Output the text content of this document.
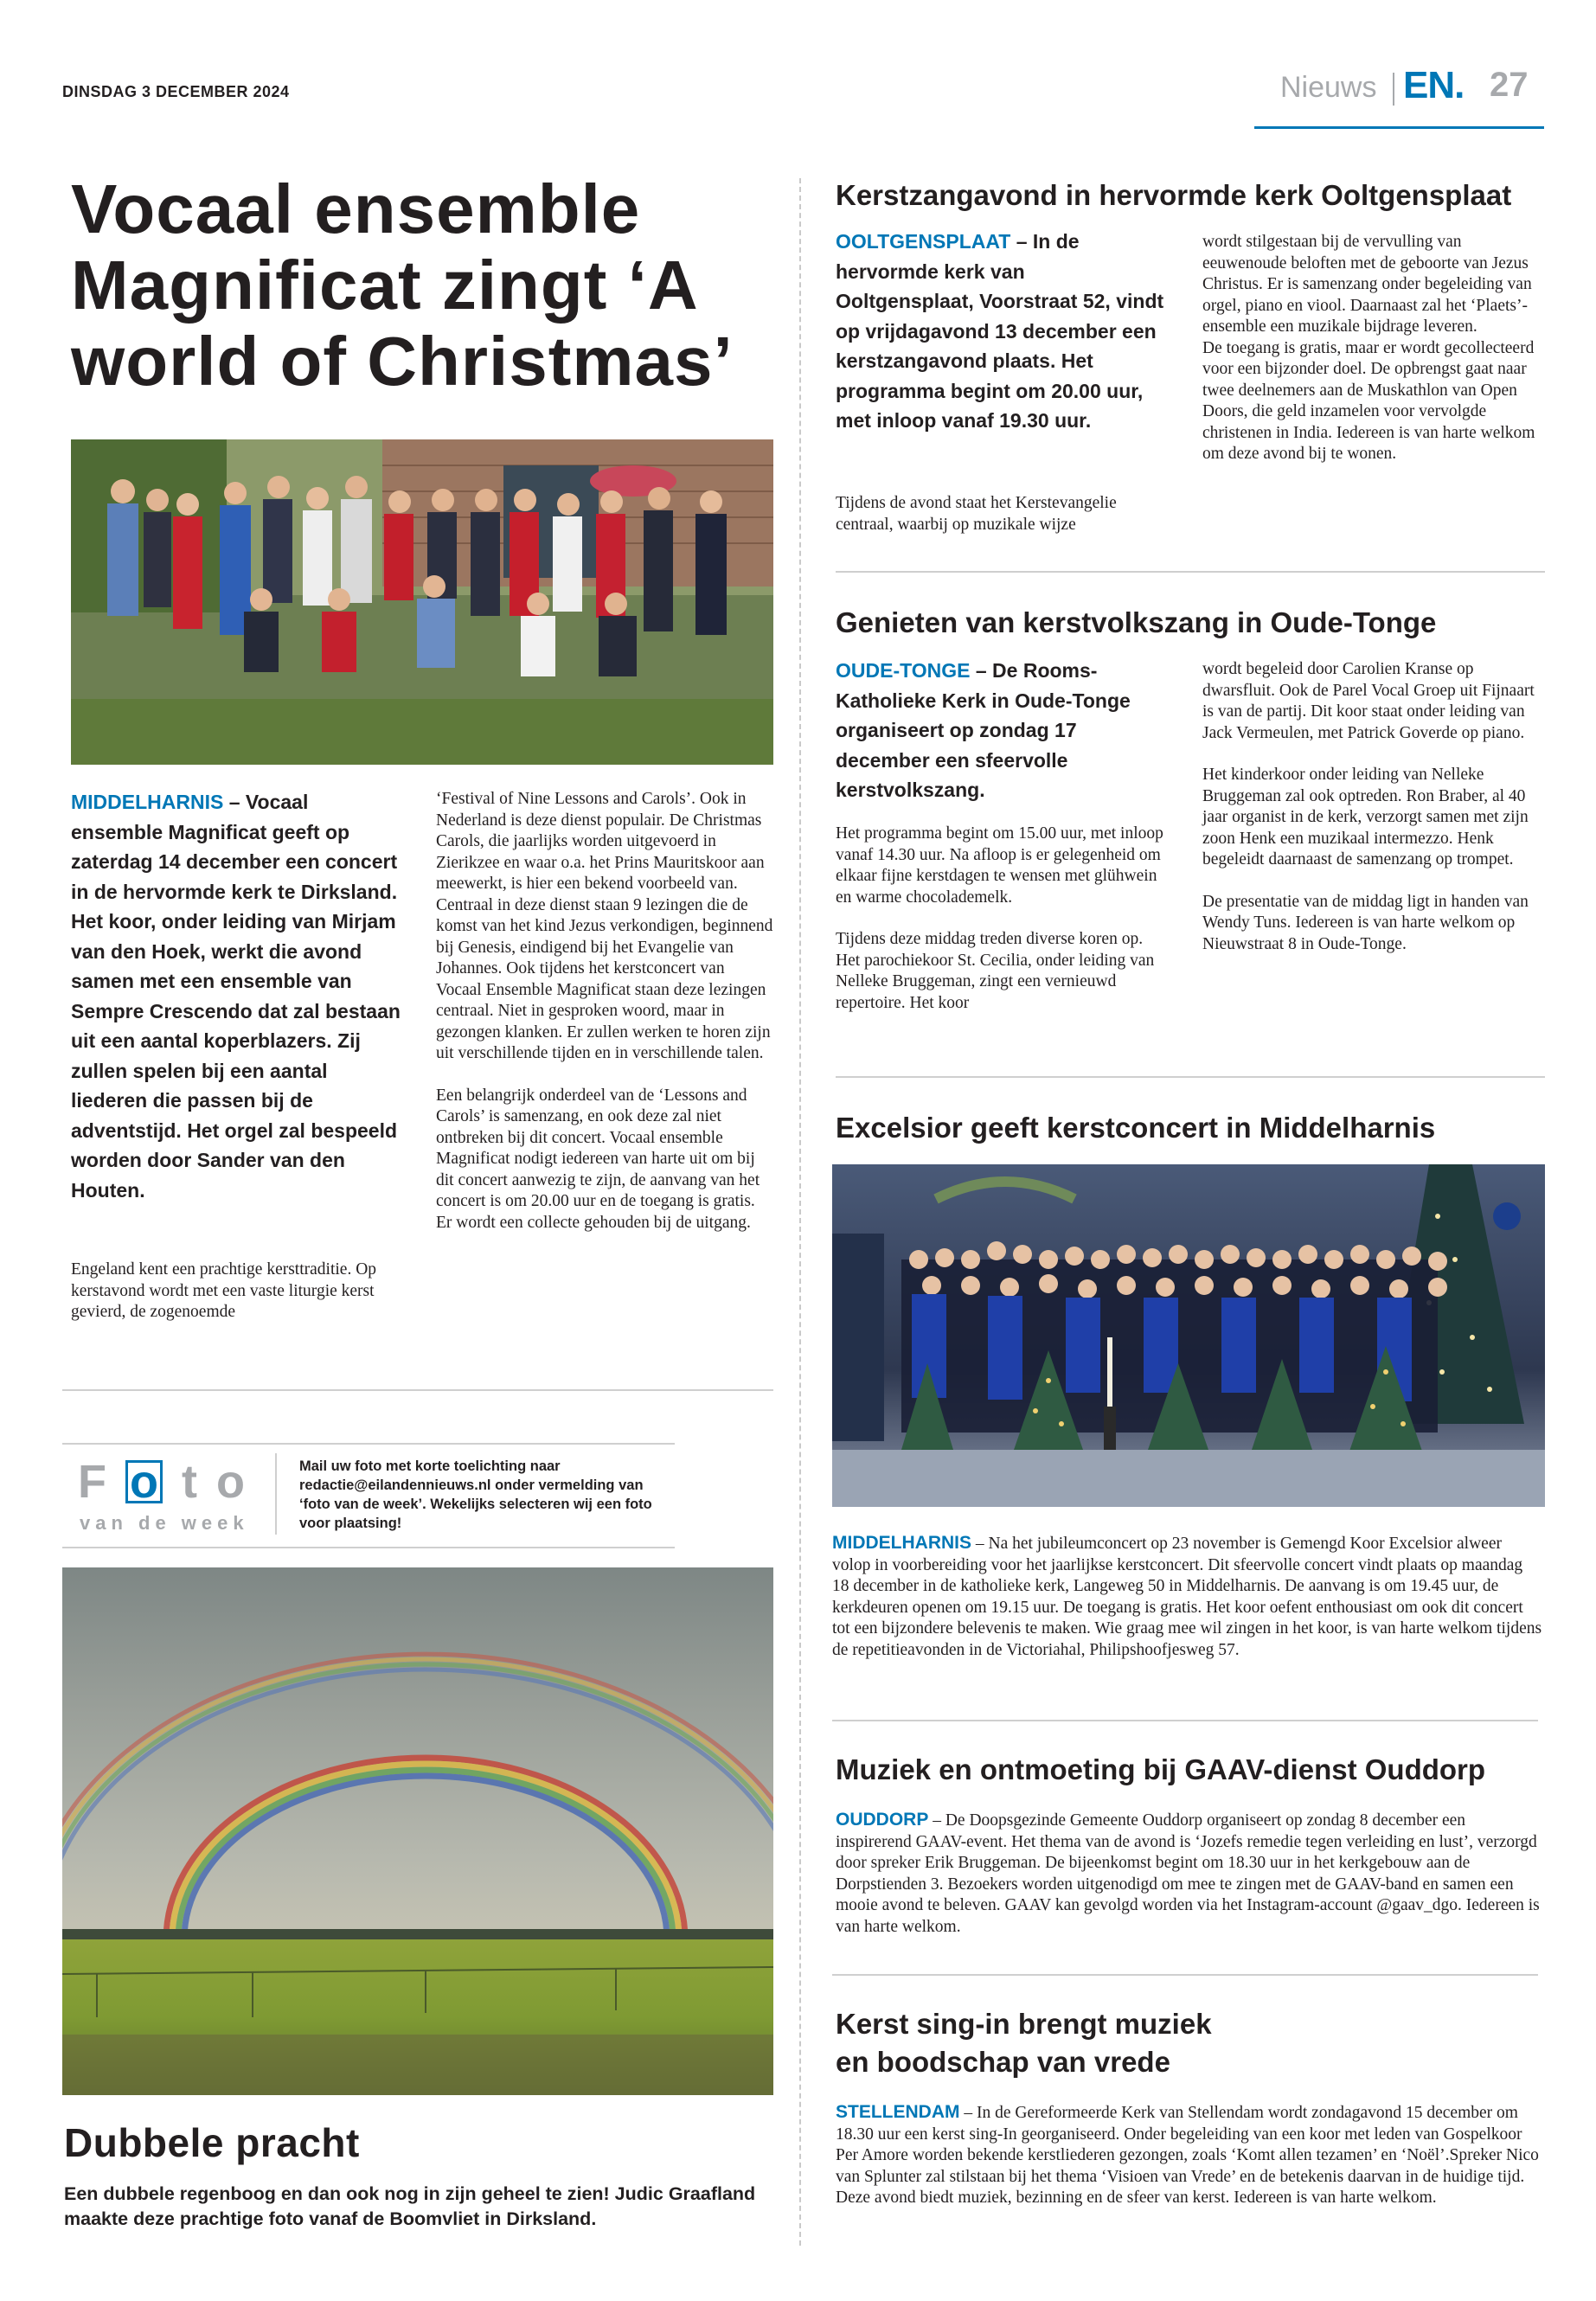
DINSDAG 3 DECEMBER 2024	Nieuws EN. 27
Vocaal ensemble
Magnificat zingt ‘A
world of Christmas’
MIDDELHARNIS – Vocaal ensemble Magnificat geeft op zaterdag 14 december een concert in de hervormde kerk te Dirksland. Het koor, onder leiding van Mirjam van den Hoek, werkt die avond samen met een ensemble van Sempre Crescendo dat zal bestaan uit een aantal koperblazers. Zij zullen spelen bij een aantal liederen die passen bij de adventstijd. Het orgel zal bespeeld worden door Sander van den Houten.

Engeland kent een prachtige kersttraditie. Op kerstavond wordt met een vaste liturgie kerst gevierd, de zogenoemde

‘Festival of Nine Lessons and Carols’. Ook in Nederland is deze dienst populair. De Christmas Carols, die jaarlijks worden uitgevoerd in Zierikzee en waar o.a. het Prins Mauritskoor aan meewerkt, is hier een bekend voorbeeld van. Centraal in deze dienst staan 9 lezingen die de komst van het kind Jezus verkondigen, beginnend bij Genesis, eindigend bij het Evangelie van Johannes. Ook tijdens het kerstconcert van Vocaal Ensemble Magnificat staan deze lezingen centraal. Niet in gesproken woord, maar in gezongen klanken. Er zullen werken te horen zijn uit verschillende tijden en in verschillende talen.

Een belangrijk onderdeel van de ‘Lessons and Carols’ is samenzang, en ook deze zal niet ontbreken bij dit concert. Vocaal ensemble Magnificat nodigt iedereen van harte uit om bij dit concert aanwezig te zijn, de aanvang van het concert is om 20.00 uur en de toegang is gratis. Er wordt een collecte gehouden bij de uitgang.

Fo to
van de week
Mail uw foto met korte toelichting naar redactie@eilandennieuws.nl onder vermelding van ‘foto van de week’. Wekelijks selecteren wij een foto voor plaatsing!
Dubbele pracht
Een dubbele regenboog en dan ook nog in zijn geheel te zien! Judic Graafland maakte deze prachtige foto vanaf de Boomvliet in Dirksland.
Kerstzangavond in hervormde kerk Ooltgensplaat
OOLTGENSPLAAT – In de hervormde kerk van Ooltgensplaat, Voorstraat 52, vindt op vrijdagavond 13 december een kerstzangavond plaats. Het programma begint om 20.00 uur, met inloop vanaf 19.30 uur.

Tijdens de avond staat het Kerstevangelie centraal, waarbij op muzikale wijze

wordt stilgestaan bij de vervulling van eeuwenoude beloften met de geboorte van Jezus Christus. Er is samenzang onder begeleiding van orgel, piano en viool. Daarnaast zal het ‘Plaets’-ensemble een muzikale bijdrage leveren.

De toegang is gratis, maar er wordt gecollecteerd voor een bijzonder doel. De opbrengst gaat naar twee deelnemers aan de Muskathlon van Open Doors, die geld inzamelen voor vervolgde christenen in India. Iedereen is van harte welkom om deze avond bij te wonen.

Genieten van kerstvolkszang in Oude-Tonge
OUDE-TONGE – De Rooms-Katholieke Kerk in Oude-Tonge organiseert op zondag 17 december een sfeervolle kerstvolkszang.

Het programma begint om 15.00 uur, met inloop vanaf 14.30 uur. Na afloop is er gelegenheid om elkaar fijne kerstdagen te wensen met glühwein en warme chocolademelk.

Tijdens deze middag treden diverse koren op. Het parochiekoor St. Cecilia, onder leiding van Nelleke Bruggeman, zingt een vernieuwd repertoire. Het koor

wordt begeleid door Carolien Kranse op dwarsfluit. Ook de Parel Vocal Groep uit Fijnaart is van de partij. Dit koor staat onder leiding van Jack Vermeulen, met Patrick Goverde op piano.

Het kinderkoor onder leiding van Nelleke Bruggeman zal ook optreden. Ron Braber, al 40 jaar organist in de kerk, verzorgt samen met zijn zoon Henk een muzikaal intermezzo. Henk begeleidt daarnaast de samenzang op trompet.

De presentatie van de middag ligt in handen van Wendy Tuns. Iedereen is van harte welkom op Nieuwstraat 8 in Oude-Tonge.

Excelsior geeft kerstconcert in Middelharnis
MIDDELHARNIS – Na het jubileumconcert op 23 november is Gemengd Koor Excelsior alweer volop in voorbereiding voor het jaarlijkse kerstconcert. Dit sfeervolle concert vindt plaats op maandag 18 december in de katholieke kerk, Langeweg 50 in Middelharnis. De aanvang is om 19.45 uur, de kerkdeuren openen om 19.15 uur. De toegang is gratis. Het koor oefent enthousiast om ook dit concert tot een bijzondere belevenis te maken. Wie graag mee wil zingen in het koor, is van harte welkom tijdens de repetitieavonden in de Victoriahal, Philipshoofjesweg 57.
Muziek en ontmoeting bij GAAV-dienst Ouddorp
OUDDORP – De Doopsgezinde Gemeente Ouddorp organiseert op zondag 8 december een inspirerend GAAV-event. Het thema van de avond is ‘Jozefs remedie tegen verleiding en lust’, verzorgd door spreker Erik Bruggeman. De bijeenkomst begint om 18.30 uur in het kerkgebouw aan de Dorpstienden 3. Bezoekers worden uitgenodigd om mee te zingen met de GAAV-band en samen een mooie avond te beleven. GAAV kan gevolgd worden via het Instagram-account @gaav_dgo. Iedereen is van harte welkom.
Kerst sing-in brengt muziek
en boodschap van vrede
STELLENDAM – In de Gereformeerde Kerk van Stellendam wordt zondagavond 15 december om 18.30 uur een kerst sing-In georganiseerd. Onder begeleiding van een koor met leden van Gospelkoor Per Amore worden bekende kerstliederen gezongen, zoals ‘Komt allen tezamen’ en ‘Noël’.Spreker Nico van Splunter zal stilstaan bij het thema ‘Visioen van Vrede’ en de betekenis daarvan in de huidige tijd. Deze avond biedt muziek, bezinning en de sfeer van kerst. Iedereen is van harte welkom.
